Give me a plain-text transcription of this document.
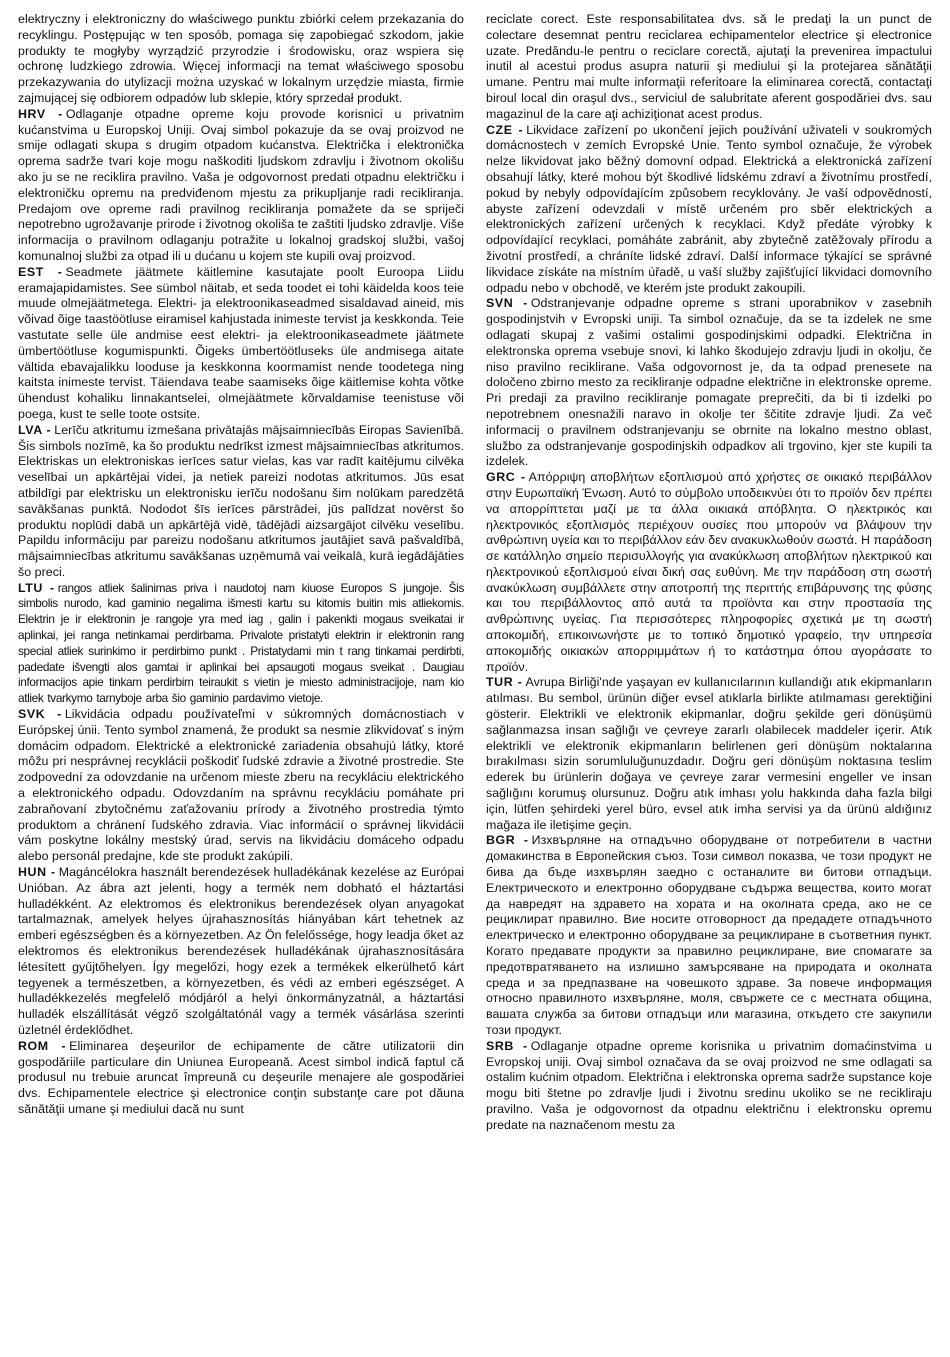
elektryczny i elektroniczny do właściwego punktu zbiórki celem przekazania do recyklingu. Postępując w ten sposób, pomaga się zapobiegać szkodom, jakie produkty te mogłyby wyrządzić przyrodzie i środowisku, oraz wspiera się ochronę ludzkiego zdrowia. Więcej informacji na temat właściwego sposobu przekazywania do utylizacji można uzyskać w lokalnym urzędzie miasta, firmie zajmującej się odbiorem odpadów lub sklepie, który sprzedał produkt.

HRV - Odlaganje otpadne opreme koju provode korisnici u privatnim kućanstvima u Europskoj Uniji. Ovaj simbol pokazuje da se ovaj proizvod ne smije odlagati skupa s drugim otpadom kućanstva. Električka i elektronička oprema sadrže tvari koje mogu naškoditi ljudskom zdravlju i životnom okolišu ako ju se ne reciklira pravilno. Vaša je odgovornost predati otpadnu električku i elektroničku opremu na predviđenom mjestu za prikupljanje radi recikliranja. Predajom ove opreme radi pravilnog recikliranja pomažete da se spriječi nepotrebno ugrožavanje prirode i životnog okoliša te zaštiti ljudsko zdravlje. Više informacija o pravilnom odlaganju potražite u lokalnoj gradskoj službi, vašoj komunalnoj službi za otpad ili u dućanu u kojem ste kupili ovaj proizvod.

EST - Seadmete jäätmete käitlemine kasutajate poolt Euroopa Liidu eramajapidamistes. See sümbol näitab, et seda toodet ei tohi käidelda koos teie muude olmejäätmetega. Elektri- ja elektroonikaseadmed sisaldavad aineid, mis võivad õige taastöötluse eiramisel kahjustada inimeste tervist ja keskkonda. Teie vastutate selle üle andmise eest elektri- ja elektroonikaseadmete jäätmete ümbertöötluse kogumispunkti. Õigeks ümbertöötluseks üle andmisega aitate vältida ebavajalikku looduse ja keskkonna koormamist nende toodetega ning kaitsta inimeste tervist. Täiendava teabe saamiseks õige käitlemise kohta võtke ühendust kohaliku linnakantselei, olmejäätmete kõrvaldamise teenistuse või poega, kust te selle toote ostsite.

LVA - Lerīču atkritumu izmešana privātajās mājsaimniecībās Eiropas Savienībā. Šis simbols nozīmē, ka šo produktu nedrīkst izmest mājsaimniecības atkritumos. Elektriskas un elektroniskas ierīces satur vielas, kas var radīt kaitējumu cilvēka veselībai un apkārtējai videi, ja netiek pareizi nodotas atkritumos. Jūs esat atbildīgi par elektrisku un elektronisku ierīču nodošanu šim nolūkam paredzētā savākšanas punktā. Nododot šīs ierīces pārstrādei, jūs palīdzat novērst šo produktu noplūdi dabā un apkārtējā vidē, tādējādi aizsargājot cilvēku veselību. Papildu informāciju par pareizu nodošanu atkritumos jautājiet savā pašvaldībā, mājsaimniecības atkritumu savākšanas uzņēmumā vai veikalā, kurā iegādājāties šo preci.

LTU - rangos atliek šalinimas priva i naudotoj nam kiuose Europos S jungoje. Šis simbolis nurodo, kad gaminio negalima išmesti kartu su kitomis buitin mis atliekomis. Elektrin je ir elektronin je rangoje yra med iag , galin i pakenkti mogaus sveikatai ir aplinkai, jei ranga netinkamai perdirbama. Privalote pristatyti elektrin ir elektronin rang special atliek surinkimo ir perdirbimo punkt . Pristatydami min t rang tinkamai perdirbti, padedate išvengti alos gamtai ir aplinkai bei apsaugoti mogaus sveikat . Daugiau informacijos apie tinkam perdirbim teiraukit s vietin je miesto administracijoje, nam kio atliek tvarkymo tarnyboje arba šio gaminio pardavimo vietoje.

SVK - Likvidácia odpadu používateľmi v súkromných domácnostiach v Európskej únii. Tento symbol znamená, že produkt sa nesmie zlikvidovať s iným domácim odpadom. Elektrické a elektronické zariadenia obsahujú látky, ktoré môžu pri nesprávnej recyklácii poškodiť ľudské zdravie a životné prostredie. Ste zodpovední za odovzdanie na určenom mieste zberu na recykláciu elektrického a elektronického odpadu. Odovzdaním na správnu recykláciu pomáhate pri zabraňovaní zbytočnému zaťažovaniu prírody a životného prostredia týmto produktom a chránení ľudského zdravia. Viac informácií o správnej likvidácii vám poskytne lokálny mestský úrad, servis na likvidáciu domáceho odpadu alebo personál predajne, kde ste produkt zakúpili.

HUN - Magáncélokra használt berendezések hulladékának kezelése az Európai Unióban. Az ábra azt jelenti, hogy a termék nem dobható el háztartási hulladékként. Az elektromos és elektronikus berendezések olyan anyagokat tartalmaznak, amelyek helyes újrahasznosítás hiányában kárt tehetnek az emberi egészségben és a környezetben. Az Ön felelőssége, hogy leadja őket az elektromos és elektronikus berendezések hulladékának újrahasznosítására létesített gyűjtőhelyen. Így megelőzi, hogy ezek a termékek elkerülhető kárt tegyenek a természetben, a környezetben, és védi az emberi egészséget. A hulladékkezelés megfelelő módjáról a helyi önkormányzatnál, a háztartási hulladék elszállítását végző szolgáltatónál vagy a termék vásárlása szerinti üzletnél érdeklődhet.

ROM - Eliminarea deşeurilor de echipamente de către utilizatorii din gospodăriile particulare din Uniunea Europeană. Acest simbol indică faptul că produsul nu trebuie aruncat împreună cu deşeurile menajere ale gospodăriei dvs. Echipamentele electrice şi electronice conţin substanţe care pot dăuna sănătăţii umane şi mediului dacă nu sunt

reciclate corect. Este responsabilitatea dvs. să le predaţi la un punct de colectare desemnat pentru reciclarea echipamentelor electrice şi electronice uzate. Predându-le pentru o reciclare corectă, ajutaţi la prevenirea impactului inutil al acestui produs asupra naturii şi mediului şi la protejarea sănătăţii umane. Pentru mai multe informaţii referitoare la eliminarea corectă, contactaţi biroul local din oraşul dvs., serviciul de salubritate aferent gospodăriei dvs. sau magazinul de la care aţi achiziţionat acest produs.

CZE - Likvidace zařízení po ukončení jejich používání uživateli v soukromých domácnostech v zemích Evropské Unie. Tento symbol označuje, že výrobek nelze likvidovat jako běžný domovní odpad. Elektrická a elektronická zařízení obsahují látky, které mohou být škodlivé lidskému zdraví a životnímu prostředí, pokud by nebyly odpovídajícím způsobem recyklovány. Je vaší odpovědností, abyste zařízení odevzdali v místě určeném pro sběr elektrických a elektronických zařízení určených k recyklaci. Když předáte výrobky k odpovídající recyklaci, pomáháte zabránit, aby zbytečně zatěžovaly přírodu a životní prostředí, a chráníte lidské zdraví. Další informace týkající se správné likvidace získáte na místním úřadě, u vaší služby zajišťující likvidaci domovního odpadu nebo v obchodě, ve kterém jste produkt zakoupili.

SVN - Odstranjevanje odpadne opreme s strani uporabnikov v zasebnih gospodinjstvih v Evropski uniji. Ta simbol označuje, da se ta izdelek ne sme odlagati skupaj z vašimi ostalimi gospodinjskimi odpadki. Električna in elektronska oprema vsebuje snovi, ki lahko škodujejo zdravju ljudi in okolju, če niso pravilno reciklirane. Vaša odgovornost je, da ta odpad prenesete na določeno zbirno mesto za recikliranje odpadne električne in elektronske opreme. Pri predaji za pravilno recikliranje pomagate preprečiti, da bi ti izdelki po nepotrebnem onesnažili naravo in okolje ter ščitite zdravje ljudi. Za več informacij o pravilnem odstranjevanju se obrnite na lokalno mestno oblast, službo za odstranjevanje gospodinjskih odpadkov ali trgovino, kjer ste kupili ta izdelek.

GRC - Απόρριψη αποβλήτων εξοπλισμού από χρήστες σε οικιακό περιβάλλον στην Ευρωπαϊκή Ένωση. Αυτό το σύμβολο υποδεικνύει ότι το προϊόν δεν πρέπει να απορρίπτεται μαζί με τα άλλα οικιακά απόβλητα. Ο ηλεκτρικός και ηλεκτρονικός εξοπλισμός περιέχουν ουσίες που μπορούν να βλάψουν την ανθρώπινη υγεία και το περιβάλλον εάν δεν ανακυκλωθούν σωστά. Η παράδοση σε κατάλληλο σημείο περισυλλογής για ανακύκλωση αποβλήτων ηλεκτρικού και ηλεκτρονικού εξοπλισμού είναι δική σας ευθύνη. Με την παράδοση στη σωστή ανακύκλωση συμβάλλετε στην αποτροπή της περιττής επιβάρυνσης της φύσης και του περιβάλλοντος από αυτά τα προϊόντα και στην προστασία της ανθρώπινης υγείας. Για περισσότερες πληροφορίες σχετικά με τη σωστή αποκομιδή, επικοινωνήστε με το τοπικό δημοτικό γραφείο, την υπηρεσία αποκομιδής οικιακών απορριμμάτων ή το κατάστημα όπου αγοράσατε το προϊόν.

TUR - Avrupa Birliği'nde yaşayan ev kullanıcılarının kullandığı atık ekipmanların atılması. Bu sembol, ürünün diğer evsel atıklarla birlikte atılmaması gerektiğini gösterir. Elektrikli ve elektronik ekipmanlar, doğru şekilde geri dönüşümü sağlanmazsa insan sağlığı ve çevreye zararlı olabilecek maddeler içerir. Atık elektrikli ve elektronik ekipmanların belirlenen geri dönüşüm noktalarına bırakılması sizin sorumluluğunuzdadır. Doğru geri dönüşüm noktasına teslim ederek bu ürünlerin doğaya ve çevreye zarar vermesini engeller ve insan sağlığını korumuş olursunuz. Doğru atık imhası yolu hakkında daha fazla bilgi için, lütfen şehirdeki yerel büro, evsel atık imha servisi ya da ürünü aldığınız mağaza ile iletişime geçin.

BGR - Изхвърляне на отпадъчно оборудване от потребители в частни домакинства в Европейския съюз. Този символ показва, че този продукт не бива да бъде изхвърлян заедно с останалите ви битови отпадъци. Електрическото и електронно оборудване съдържа вещества, които могат да навредят на здравето на хората и на околната среда, ако не се рециклират правилно. Вие носите отговорност да предадете отпадъчното електрическо и електронно оборудване за рециклиране в съответния пункт. Когато предавате продукти за правилно рециклиране, вие спомагате за предотвратяването на излишно замърсяване на природата и околната среда и за предпазване на човешкото здраве. За повече информация относно правилното изхвърляне, моля, свържете се с местната община, вашата служба за битови отпадъци или магазина, откъдето сте закупили този продукт.

SRB - Odlaganje otpadne opreme korisnika u privatnim domaćinstvima u Evropskoj uniji. Ovaj simbol označava da se ovaj proizvod ne sme odlagati sa ostalim kućnim otpadom. Električna i elektronska oprema sadrže supstance koje mogu biti štetne po zdravlje ljudi i životnu sredinu ukoliko se ne recikliraju pravilno. Vaša je odgovornost da otpadnu električnu i elektronsku opremu predate na naznačenom mestu za
